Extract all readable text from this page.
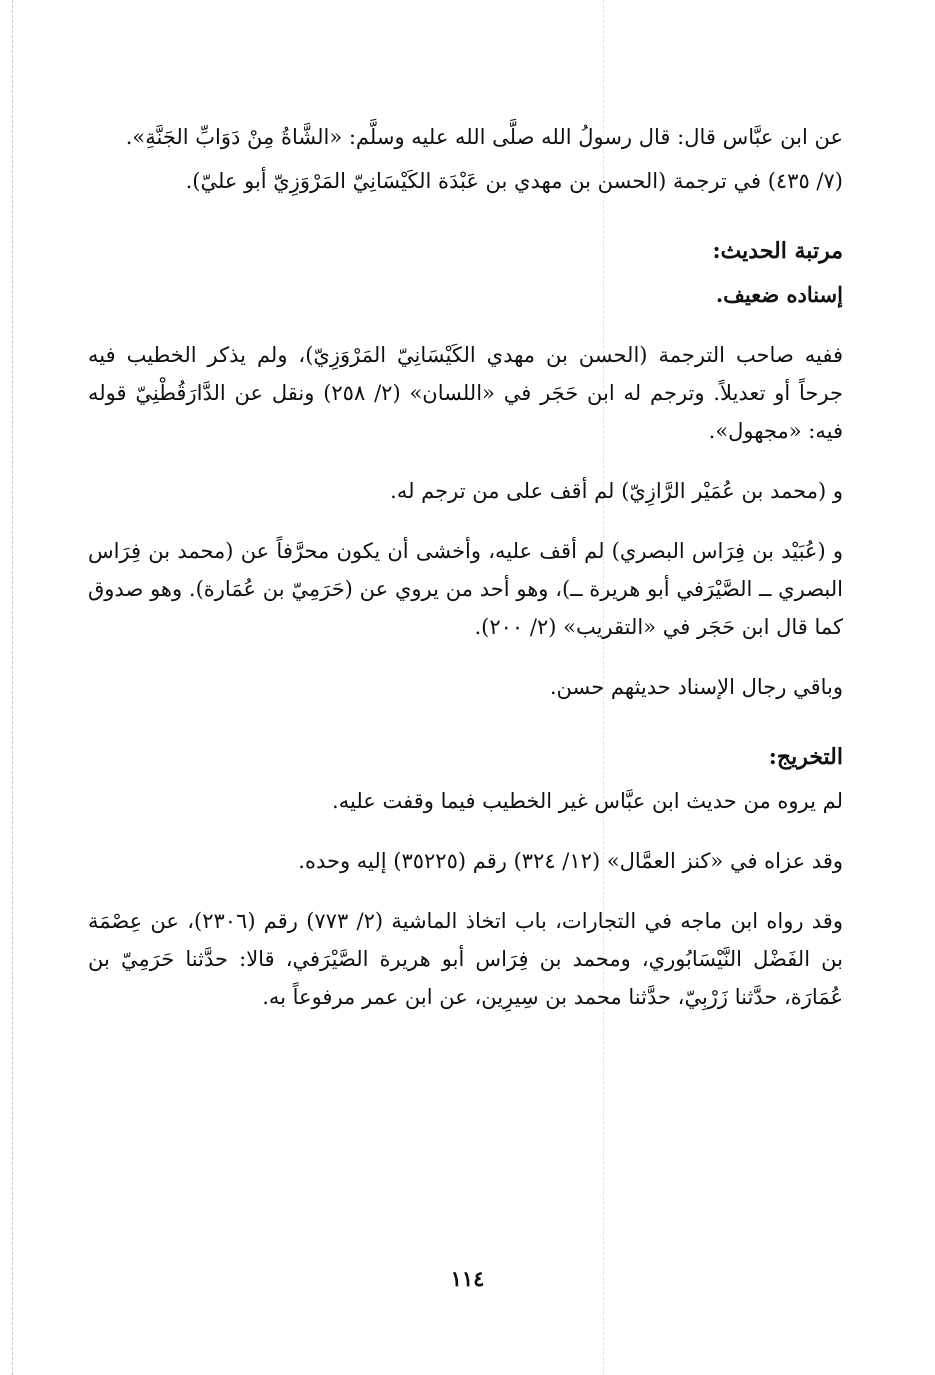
عن ابن عبَّاس قال: قال رسولُ الله صلَّى الله عليه وسلَّم: «الشَّاةُ مِنْ دَوَابِّ الجَنَّةِ».

(٧/ ٤٣٥) في ترجمة (الحسن بن مهدي بن عَبْدَة الكَيْسَانِيّ المَرْوَزِيّ أبو عليّ).

مرتبة الحديث:

إسناده ضعيف.

ففيه صاحب الترجمة (الحسن بن مهدي الكَيْسَانِيّ المَرْوَزِيّ)، ولم يذكر الخطيب فيه جرحاً أو تعديلاً. وترجم له ابن حَجَر في «اللسان» (٢/ ٢٥٨) ونقل عن الدَّارَقُطْنِيّ قوله فيه: «مجهول».

و (محمد بن عُمَيْر الرَّازِيّ) لم أقف على من ترجم له.

و (عُبَيْد بن فِرَاس البصري) لم أقف عليه، وأخشى أن يكون محرَّفاً عن (محمد بن فِرَاس البصري ــ الصَّيْرَفي أبو هريرة ــ)، وهو أحد من يروي عن (حَرَمِيّ بن عُمَارة). وهو صدوق كما قال ابن حَجَر في «التقريب» (٢/ ٢٠٠).

وباقي رجال الإسناد حديثهم حسن.

التخريج:

لم يروه من حديث ابن عبَّاس غير الخطيب فيما وقفت عليه.

وقد عزاه في «كنز العمَّال» (١٢/ ٣٢٤) رقم (٣٥٢٢٥) إليه وحده.

وقد رواه ابن ماجه في التجارات، باب اتخاذ الماشية (٢/ ٧٧٣) رقم (٢٣٠٦)، عن عِصْمَة بن الفَضْل النَّيْسَابُوري، ومحمد بن فِرَاس أبو هريرة الصَّيْرَفي، قالا: حدَّثنا حَرَمِيّ بن عُمَارَة، حدَّثنا زَرْبِيّ، حدَّثنا محمد بن سِيرِين، عن ابن عمر مرفوعاً به.

١١٤
